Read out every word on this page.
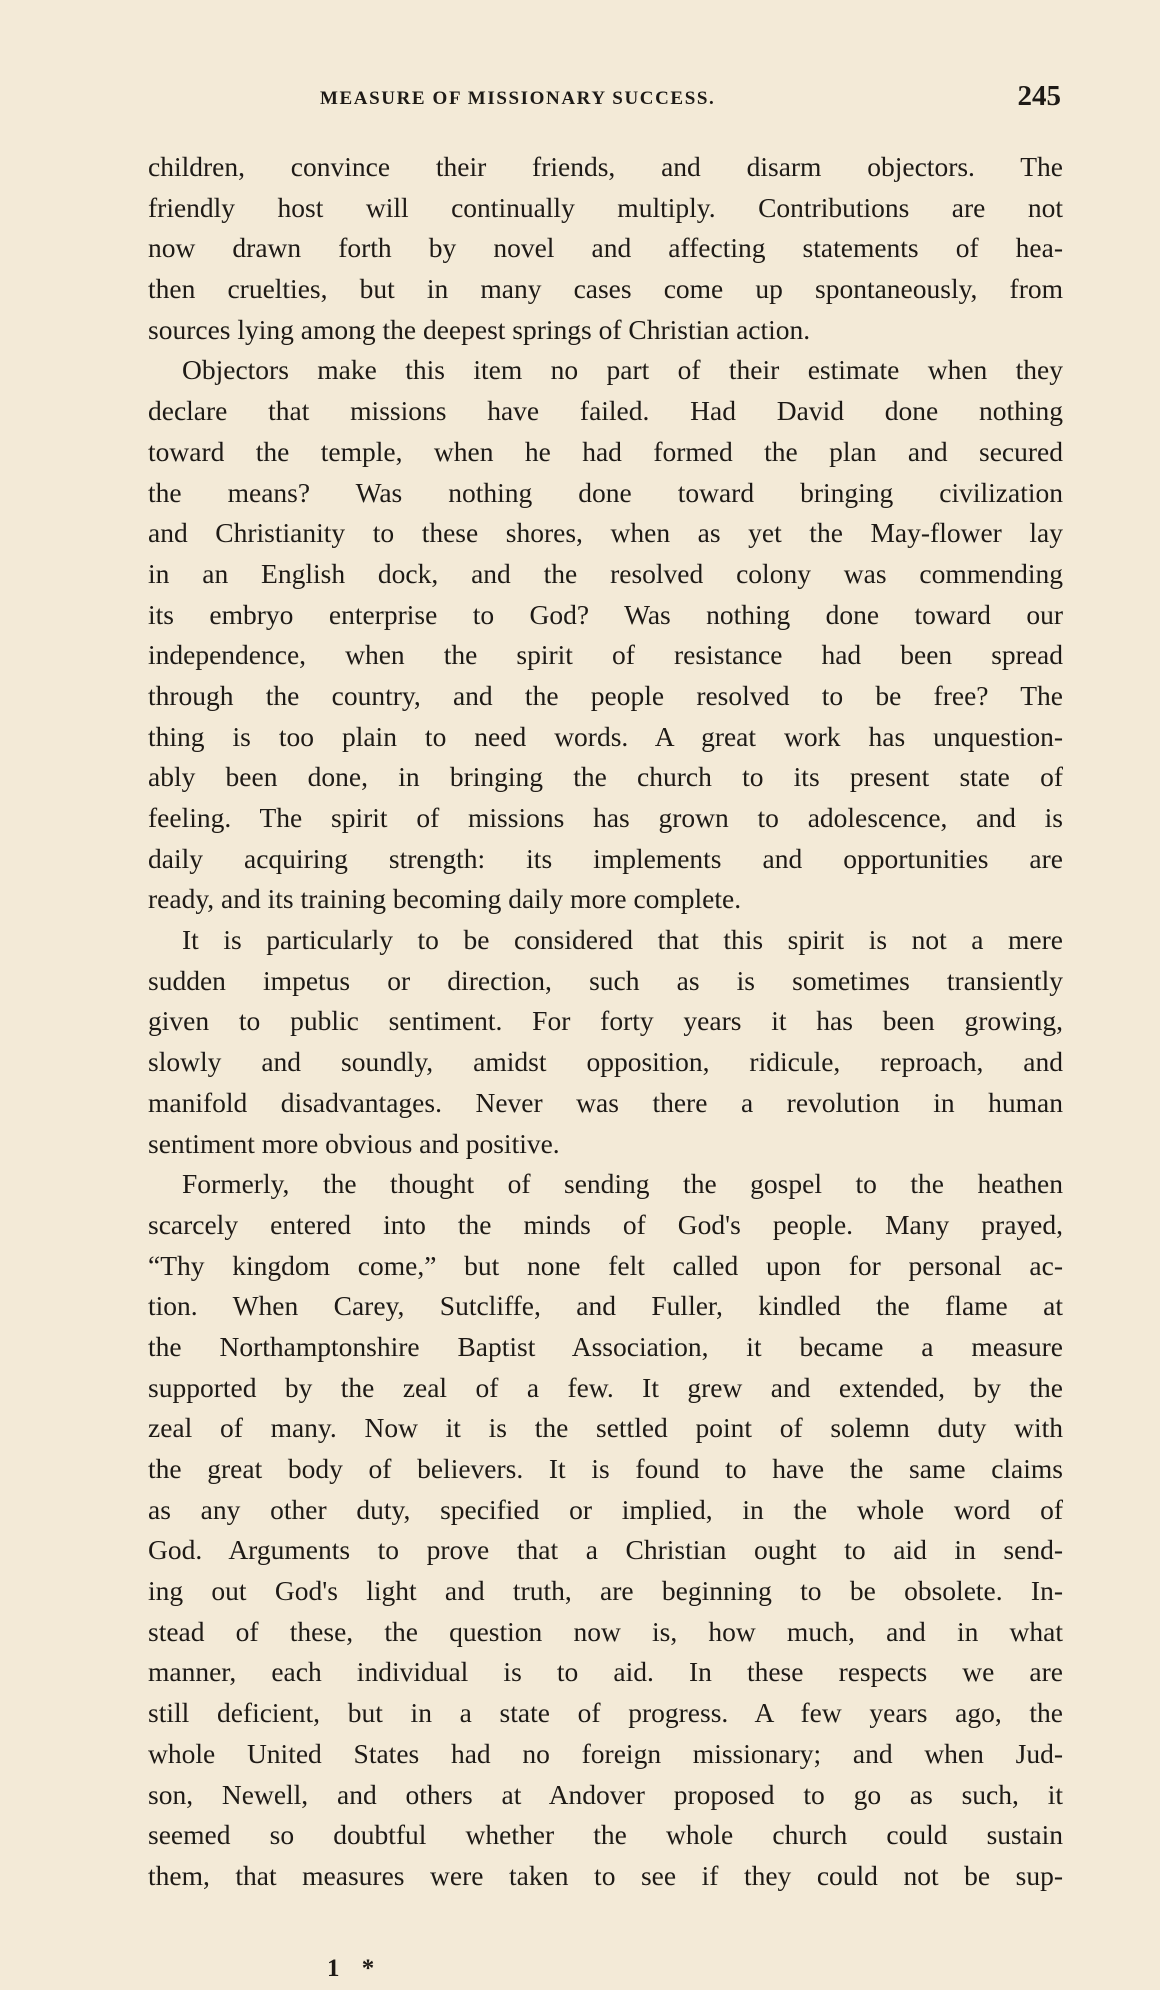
MEASURE OF MISSIONARY SUCCESS.	245
children, convince their friends, and disarm objectors. The
friendly host will continually multiply. Contributions are not
now drawn forth by novel and affecting statements of hea-
then cruelties, but in many cases come up spontaneously, from
sources lying among the deepest springs of Christian action.
Objectors make this item no part of their estimate when they
declare that missions have failed. Had David done nothing
toward the temple, when he had formed the plan and secured
the means? Was nothing done toward bringing civilization
and Christianity to these shores, when as yet the May-flower lay
in an English dock, and the resolved colony was commending
its embryo enterprise to God? Was nothing done toward our
independence, when the spirit of resistance had been spread
through the country, and the people resolved to be free? The
thing is too plain to need words. A great work has unquestion-
ably been done, in bringing the church to its present state of
feeling. The spirit of missions has grown to adolescence, and is
daily acquiring strength: its implements and opportunities are
ready, and its training becoming daily more complete.
It is particularly to be considered that this spirit is not a mere
sudden impetus or direction, such as is sometimes transiently
given to public sentiment. For forty years it has been growing,
slowly and soundly, amidst opposition, ridicule, reproach, and
manifold disadvantages. Never was there a revolution in human
sentiment more obvious and positive.
Formerly, the thought of sending the gospel to the heathen
scarcely entered into the minds of God's people. Many prayed,
“Thy kingdom come,” but none felt called upon for personal ac-
tion. When Carey, Sutcliffe, and Fuller, kindled the flame at
the Northamptonshire Baptist Association, it became a measure
supported by the zeal of a few. It grew and extended, by the
zeal of many. Now it is the settled point of solemn duty with
the great body of believers. It is found to have the same claims
as any other duty, specified or implied, in the whole word of
God. Arguments to prove that a Christian ought to aid in send-
ing out God's light and truth, are beginning to be obsolete. In-
stead of these, the question now is, how much, and in what
manner, each individual is to aid. In these respects we are
still deficient, but in a state of progress. A few years ago, the
whole United States had no foreign missionary; and when Jud-
son, Newell, and others at Andover proposed to go as such, it
seemed so doubtful whether the whole church could sustain
them, that measures were taken to see if they could not be sup-
1 *
